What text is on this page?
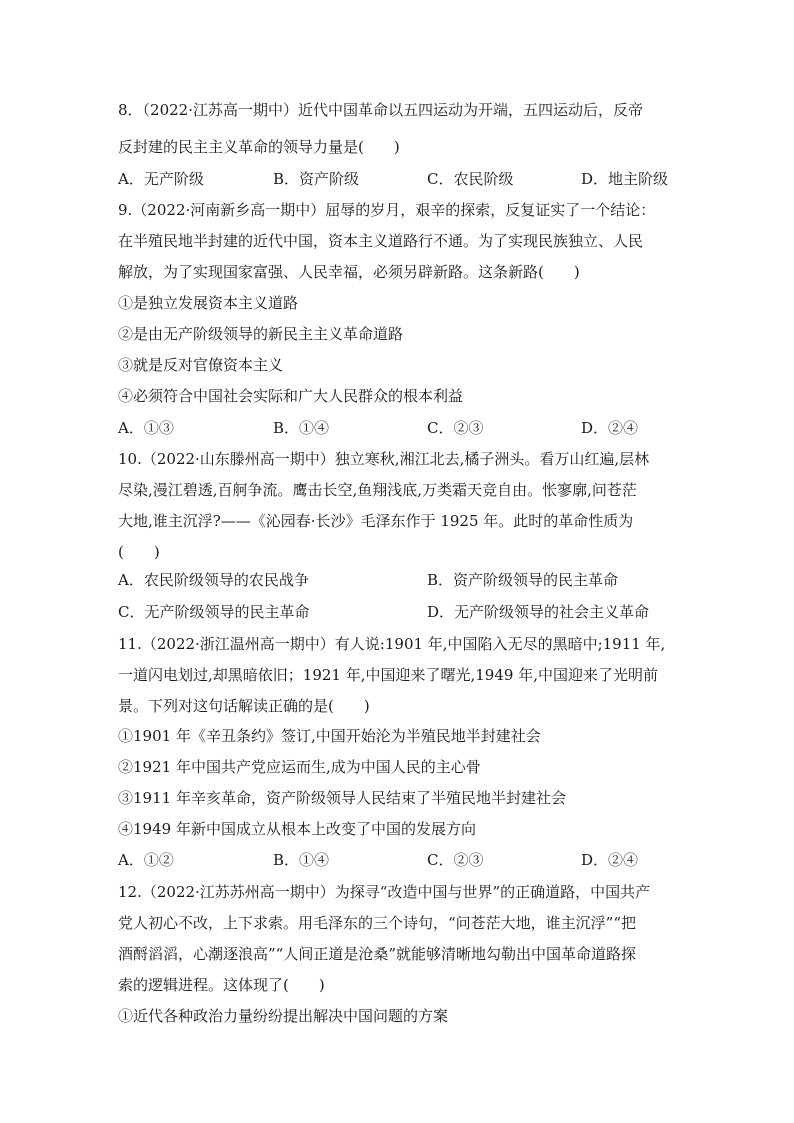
8．（2022·江苏高一期中）近代中国革命以五四运动为开端，五四运动后，反帝
反封建的民主主义革命的领导力量是(　　)
A．无产阶级	B．资产阶级	C．农民阶级	D．地主阶级
9.（2022·河南新乡高一期中）屈辱的岁月，艰辛的探索，反复证实了一个结论：
在半殖民地半封建的近代中国，资本主义道路行不通。为了实现民族独立、人民
解放，为了实现国家富强、人民幸福，必须另辟新路。这条新路(　　)
①是独立发展资本主义道路
②是由无产阶级领导的新民主主义革命道路
③就是反对官僚资本主义
④必须符合中国社会实际和广大人民群众的根本利益
A．①③	B．①④	C．②③	D．②④
10.（2022·山东滕州高一期中）独立寒秋,湘江北去,橘子洲头。看万山红遍,层林
尽染,漫江碧透,百舸争流。鹰击长空,鱼翔浅底,万类霜天竞自由。怅寥廓,问苍茫
大地,谁主沉浮?——《沁园春·长沙》毛泽东作于 1925 年。此时的革命性质为
(　　)
A．农民阶级领导的农民战争	B．资产阶级领导的民主革命
C．无产阶级领导的民主革命	D．无产阶级领导的社会主义革命
11.（2022·浙江温州高一期中）有人说:1901 年,中国陷入无尽的黑暗中;1911 年,
一道闪电划过,却黑暗依旧；1921 年,中国迎来了曙光,1949 年,中国迎来了光明前
景。下列对这句话解读正确的是(　　)
①1901 年《辛丑条约》签订,中国开始沦为半殖民地半封建社会
②1921 年中国共产党应运而生,成为中国人民的主心骨
③1911 年辛亥革命，资产阶级领导人民结束了半殖民地半封建社会
④1949 年新中国成立从根本上改变了中国的发展方向
A．①②	B．①④	C．②③	D．②④
12.（2022·江苏苏州高一期中）为探寻“改造中国与世界”的正确道路，中国共产
党人初心不改，上下求索。用毛泽东的三个诗句，“问苍茫大地，谁主沉浮”“把
酒酹滔滔，心潮逐浪高”“人间正道是沧桑”就能够清晰地勾勒出中国革命道路探
索的逻辑进程。这体现了(　　)
①近代各种政治力量纷纷提出解决中国问题的方案
